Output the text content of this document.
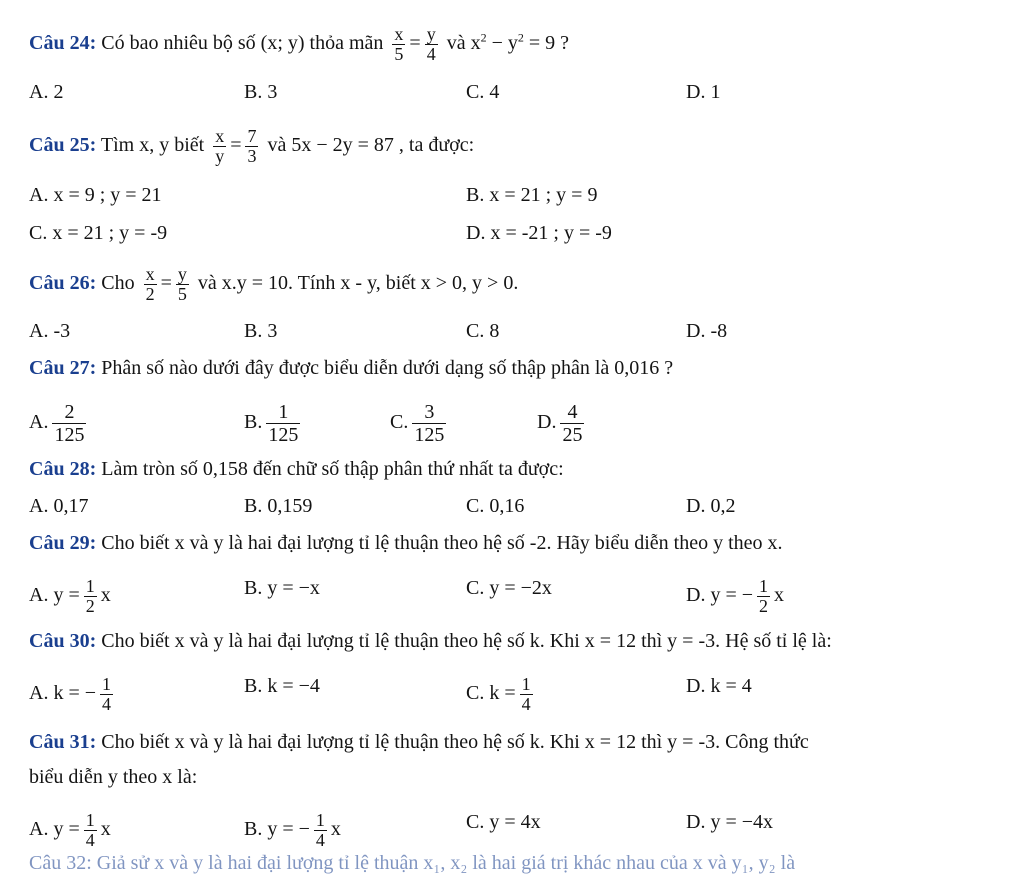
Câu 24: Có bao nhiêu bộ số (x; y) thỏa mãn $\frac{x}{5} = \frac{y}{4}$ và $x^2 - y^2 = 9$ ?
A. 2	B. 3	C. 4	D. 1
Câu 25: Tìm x, y biết $\frac{x}{y} = \frac{7}{3}$ và 5x − 2y = 87 , ta được:
A. x = 9 ; y = 21	B. x = 21 ; y = 9
C. x = 21 ; y = -9	D. x = -21 ; y = -9
Câu 26: Cho $\frac{x}{2} = \frac{y}{5}$ và x.y = 10. Tính x - y, biết x > 0, y > 0.
A. -3	B. 3	C. 8	D. -8
Câu 27: Phân số nào dưới đây được biểu diễn dưới dạng số thập phân là 0,016 ?
A. $\frac{2}{125}$	B. $\frac{1}{125}$	C. $\frac{3}{125}$	D. $\frac{4}{25}$
Câu 28: Làm tròn số 0,158 đến chữ số thập phân thứ nhất ta được:
A. 0,17	B. 0,159	C. 0,16	D. 0,2
Câu 29: Cho biết x và y là hai đại lượng tỉ lệ thuận theo hệ số -2. Hãy biểu diễn theo y theo x.
A. $y = \frac{1}{2}$ x	B. y = −x	C. y = −2x	D. y = − $\frac{1}{2}$ x
Câu 30: Cho biết x và y là hai đại lượng tỉ lệ thuận theo hệ số k. Khi x = 12 thì y = -3. Hệ số tỉ lệ là:
A. k = − $\frac{1}{4}$	B. k = −4	C. $k = \frac{1}{4}$	D. k = 4
Câu 31: Cho biết x và y là hai đại lượng tỉ lệ thuận theo hệ số k. Khi x = 12 thì y = -3. Công thức
biểu diễn y theo x là:
A. $y = \frac{1}{4}$ x	B. y = − $\frac{1}{4}$ x	C. y = 4x	D. y = −4x
Câu 32: Giả sử x và y là hai đại lượng tỉ lệ thuận x₁, x₂ là hai giá trị khác nhau của x và y₁, y₂ là
